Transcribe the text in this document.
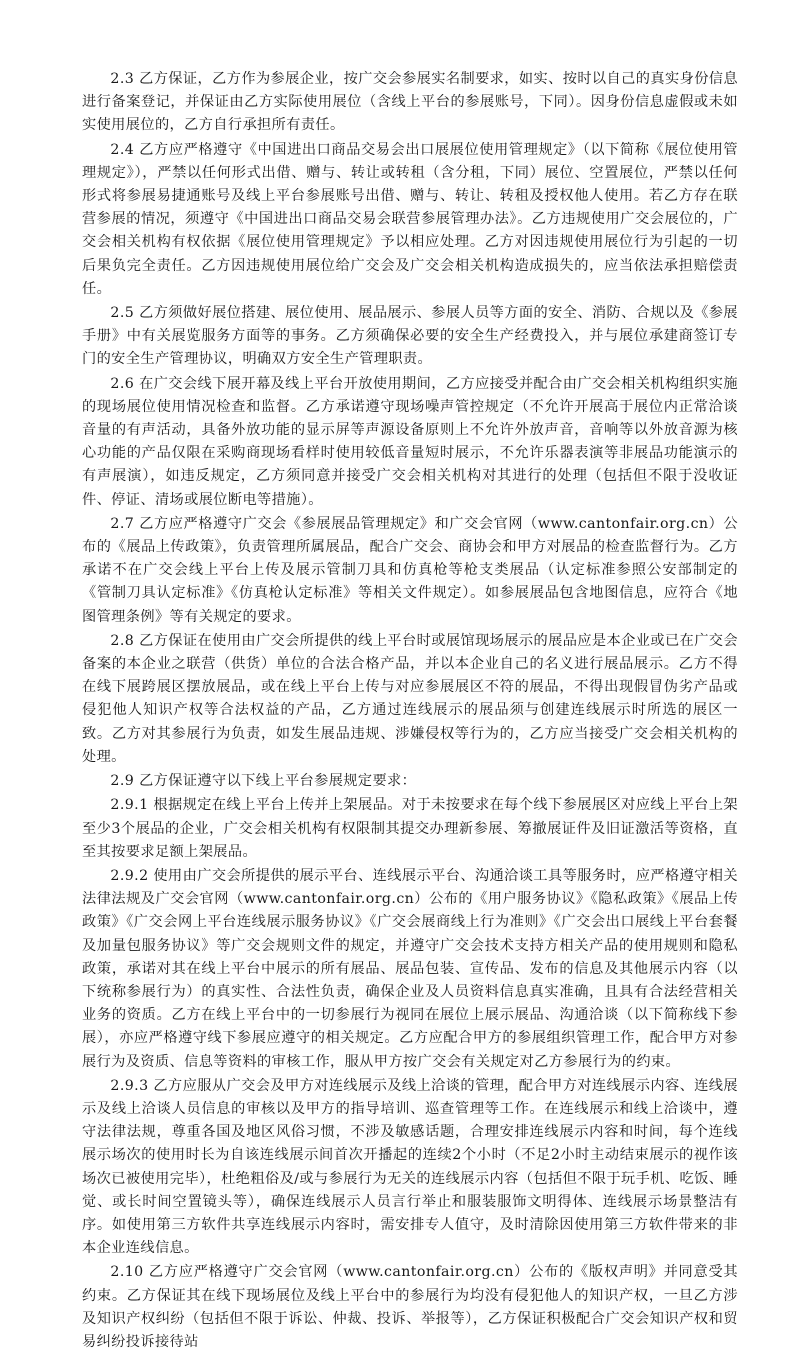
2.3 乙方保证，乙方作为参展企业，按广交会参展实名制要求，如实、按时以自己的真实身份信息进行备案登记，并保证由乙方实际使用展位（含线上平台的参展账号，下同）。因身份信息虚假或未如实使用展位的，乙方自行承担所有责任。

2.4 乙方应严格遵守《中国进出口商品交易会出口展展位使用管理规定》（以下简称《展位使用管理规定》），严禁以任何形式出借、赠与、转让或转租（含分租，下同）展位、空置展位，严禁以任何形式将参展易捷通账号及线上平台参展账号出借、赠与、转让、转租及授权他人使用。若乙方存在联营参展的情况，须遵守《中国进出口商品交易会联营参展管理办法》。乙方违规使用广交会展位的，广交会相关机构有权依据《展位使用管理规定》予以相应处理。乙方对因违规使用展位行为引起的一切后果负完全责任。乙方因违规使用展位给广交会及广交会相关机构造成损失的，应当依法承担赔偿责任。

2.5 乙方须做好展位搭建、展位使用、展品展示、参展人员等方面的安全、消防、合规以及《参展手册》中有关展览服务方面等的事务。乙方须确保必要的安全生产经费投入，并与展位承建商签订专门的安全生产管理协议，明确双方安全生产管理职责。

2.6 在广交会线下展开幕及线上平台开放使用期间，乙方应接受并配合由广交会相关机构组织实施的现场展位使用情况检查和监督。乙方承诺遵守现场噪声管控规定（不允许开展高于展位内正常洽谈音量的有声活动，具备外放功能的显示屏等声源设备原则上不允许外放声音，音响等以外放音源为核心功能的产品仅限在采购商现场看样时使用较低音量短时展示，不允许乐器表演等非展品功能演示的有声展演），如违反规定，乙方须同意并接受广交会相关机构对其进行的处理（包括但不限于没收证件、停证、清场或展位断电等措施）。

2.7 乙方应严格遵守广交会《参展展品管理规定》和广交会官网（www.cantonfair.org.cn）公布的《展品上传政策》，负责管理所属展品，配合广交会、商协会和甲方对展品的检查监督行为。乙方承诺不在广交会线上平台上传及展示管制刀具和仿真枪等枪支类展品（认定标准参照公安部制定的《管制刀具认定标准》《仿真枪认定标准》等相关文件规定）。如参展展品包含地图信息，应符合《地图管理条例》等有关规定的要求。

2.8 乙方保证在使用由广交会所提供的线上平台时或展馆现场展示的展品应是本企业或已在广交会备案的本企业之联营（供货）单位的合法合格产品，并以本企业自己的名义进行展品展示。乙方不得在线下展跨展区摆放展品，或在线上平台上传与对应参展展区不符的展品，不得出现假冒伪劣产品或侵犯他人知识产权等合法权益的产品，乙方通过连线展示的展品须与创建连线展示时所选的展区一致。乙方对其参展行为负责，如发生展品违规、涉嫌侵权等行为的，乙方应当接受广交会相关机构的处理。

2.9 乙方保证遵守以下线上平台参展规定要求：

2.9.1 根据规定在线上平台上传并上架展品。对于未按要求在每个线下参展展区对应线上平台上架至少3个展品的企业，广交会相关机构有权限制其提交办理新参展、筹撤展证件及旧证激活等资格，直至其按要求足额上架展品。

2.9.2 使用由广交会所提供的展示平台、连线展示平台、沟通洽谈工具等服务时，应严格遵守相关法律法规及广交会官网（www.cantonfair.org.cn）公布的《用户服务协议》《隐私政策》《展品上传政策》《广交会网上平台连线展示服务协议》《广交会展商线上行为准则》《广交会出口展线上平台套餐及加量包服务协议》等广交会规则文件的规定，并遵守广交会技术支持方相关产品的使用规则和隐私政策，承诺对其在线上平台中展示的所有展品、展品包装、宣传品、发布的信息及其他展示内容（以下统称参展行为）的真实性、合法性负责，确保企业及人员资料信息真实准确，且具有合法经营相关业务的资质。乙方在线上平台中的一切参展行为视同在展位上展示展品、沟通洽谈（以下简称线下参展），亦应严格遵守线下参展应遵守的相关规定。乙方应配合甲方的参展组织管理工作，配合甲方对参展行为及资质、信息等资料的审核工作，服从甲方按广交会有关规定对乙方参展行为的约束。

2.9.3 乙方应服从广交会及甲方对连线展示及线上洽谈的管理，配合甲方对连线展示内容、连线展示及线上洽谈人员信息的审核以及甲方的指导培训、巡查管理等工作。在连线展示和线上洽谈中，遵守法律法规，尊重各国及地区风俗习惯，不涉及敏感话题，合理安排连线展示内容和时间，每个连线展示场次的使用时长为自该连线展示间首次开播起的连续2个小时（不足2小时主动结束展示的视作该场次已被使用完毕），杜绝粗俗及/或与参展行为无关的连线展示内容（包括但不限于玩手机、吃饭、睡觉、或长时间空置镜头等），确保连线展示人员言行举止和服装服饰文明得体、连线展示场景整洁有序。如使用第三方软件共享连线展示内容时，需安排专人值守，及时清除因使用第三方软件带来的非本企业连线信息。

2.10 乙方应严格遵守广交会官网（www.cantonfair.org.cn）公布的《版权声明》并同意受其约束。乙方保证其在线下现场展位及线上平台中的参展行为均没有侵犯他人的知识产权，一旦乙方涉及知识产权纠纷（包括但不限于诉讼、仲裁、投诉、举报等），乙方保证积极配合广交会知识产权和贸易纠纷投诉接待站
